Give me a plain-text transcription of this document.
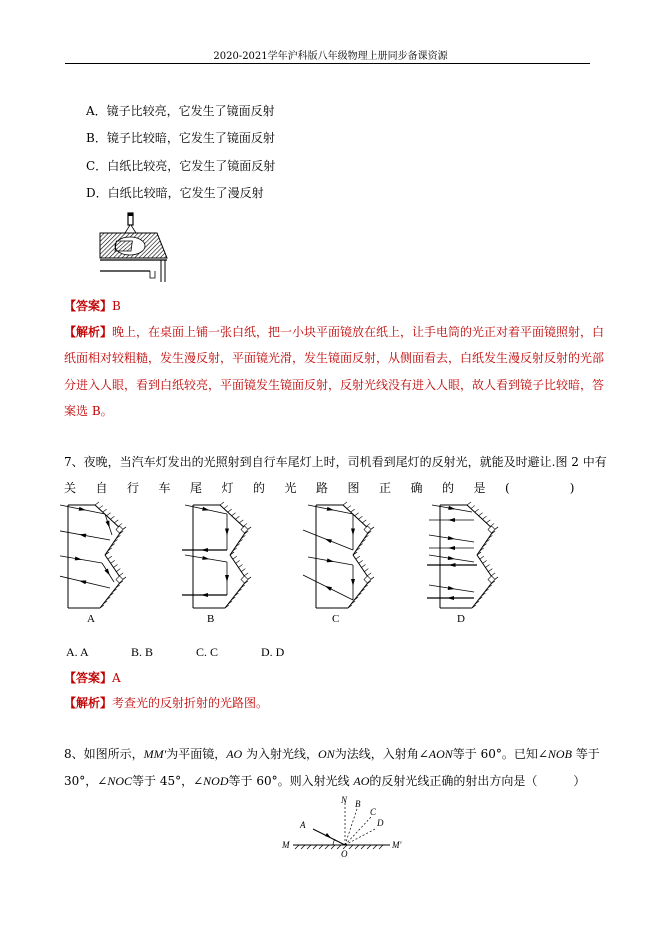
2020-2021学年沪科版八年级物理上册同步备课资源
A．镜子比较亮，它发生了镜面反射
B．镜子比较暗，它发生了镜面反射
C．白纸比较亮，它发生了镜面反射
D．白纸比较暗，它发生了漫反射
【答案】B
【解析】晚上，在桌面上铺一张白纸，把一小块平面镜放在纸上，让手电筒的光正对着平面镜照射，白
纸面相对较粗糙，发生漫反射，平面镜光滑，发生镜面反射，从侧面看去，白纸发生漫反射反射的光部
分进入人眼，看到白纸较亮，平面镜发生镜面反射，反射光线没有进入人眼，故人看到镜子比较暗，答
案选 B。
7、夜晚，当汽车灯发出的光照射到自行车尾灯上时，司机看到尾灯的反射光，就能及时避让.图 2 中有
关自行车尾灯的光路图正确的是(　　　　　)
A	B	C	D
A. A	B. B	C. C	D. D
【答案】A
【解析】考查光的反射折射的光路图。
8、如图所示，MM'为平面镜，AO 为入射光线，ON为法线，入射角∠AON等于 60°。已知∠NOB 等于
30°，∠NOC等于 45°，∠NOD等于 60°。则入射光线 AO的反射光线正确的射出方向是（　　　）
N B
C
D
A
M
O
M'
